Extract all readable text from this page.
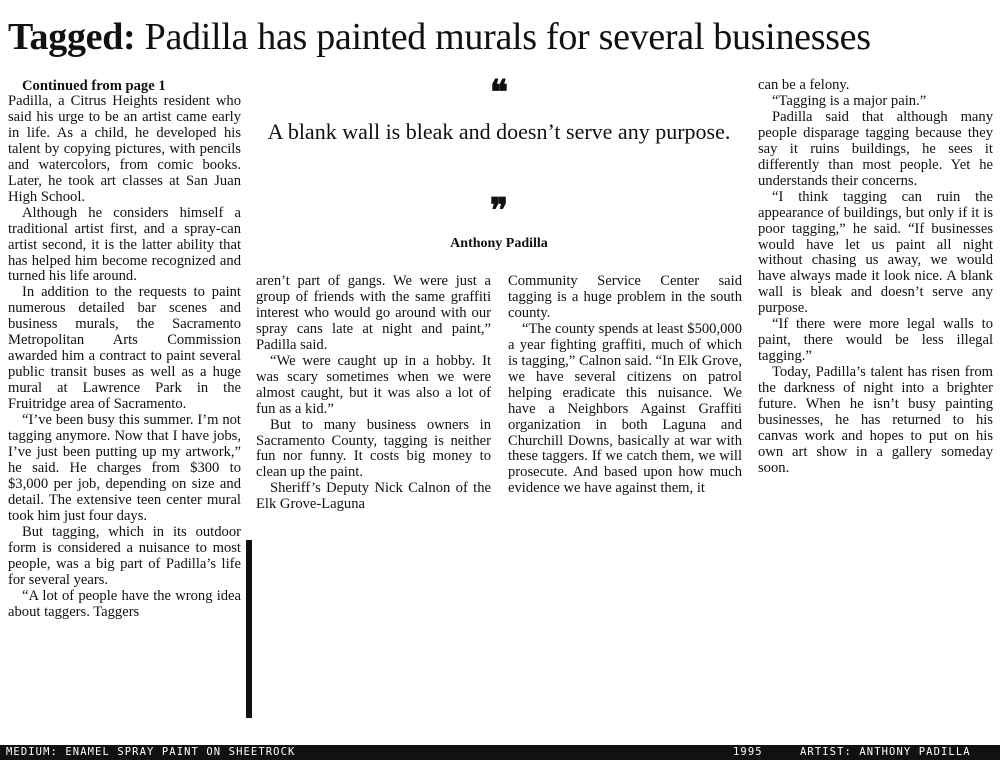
Tagged: Padilla has painted murals for several businesses

Continued from page 1

Padilla, a Citrus Heights resident who said his urge to be an artist came early in life. As a child, he developed his talent by copying pictures, with pencils and watercolors, from comic books. Later, he took art classes at San Juan High School.

Although he considers himself a traditional artist first, and a spray-can artist second, it is the latter ability that has helped him become recognized and turned his life around.

In addition to the requests to paint numerous detailed bar scenes and business murals, the Sacramento Metropolitan Arts Commission awarded him a contract to paint several public transit buses as well as a huge mural at Lawrence Park in the Fruitridge area of Sacramento.

“I’ve been busy this summer. I’m not tagging anymore. Now that I have jobs, I’ve just been putting up my artwork,” he said. He charges from $300 to $3,000 per job, depending on size and detail. The extensive teen center mural took him just four days.

But tagging, which in its outdoor form is considered a nuisance to most people, was a big part of Padilla’s life for several years.

“A lot of people have the wrong idea about taggers. Taggers

❝
A blank wall is bleak and doesn’t serve any purpose.
❞
Anthony Padilla

aren’t part of gangs. We were just a group of friends with the same graffiti interest who would go around with our spray cans late at night and paint,” Padilla said.

“We were caught up in a hobby. It was scary sometimes when we were almost caught, but it was also a lot of fun as a kid.”

But to many business owners in Sacramento County, tagging is neither fun nor funny. It costs big money to clean up the paint.

Sheriff’s Deputy Nick Calnon of the Elk Grove-Laguna

Community Service Center said tagging is a huge problem in the south county.

“The county spends at least $500,000 a year fighting graffiti, much of which is tagging,” Calnon said. “In Elk Grove, we have several citizens on patrol helping eradicate this nuisance. We have a Neighbors Against Graffiti organization in both Laguna and Churchill Downs, basically at war with these taggers. If we catch them, we will prosecute. And based upon how much evidence we have against them, it

can be a felony.

“Tagging is a major pain.”

Padilla said that although many people disparage tagging because they say it ruins buildings, he sees it differently than most people. Yet he understands their concerns.

“I think tagging can ruin the appearance of buildings, but only if it is poor tagging,” he said. “If businesses would have let us paint all night without chasing us away, we would have always made it look nice. A blank wall is bleak and doesn’t serve any purpose.

“If there were more legal walls to paint, there would be less illegal tagging.”

Today, Padilla’s talent has risen from the darkness of night into a brighter future. When he isn’t busy painting businesses, he has returned to his canvas work and hopes to put on his own art show in a gallery someday soon.

MEDIUM: ENAMEL SPRAY PAINT ON SHEETROCK	1995	ARTIST: ANTHONY PADILLA
